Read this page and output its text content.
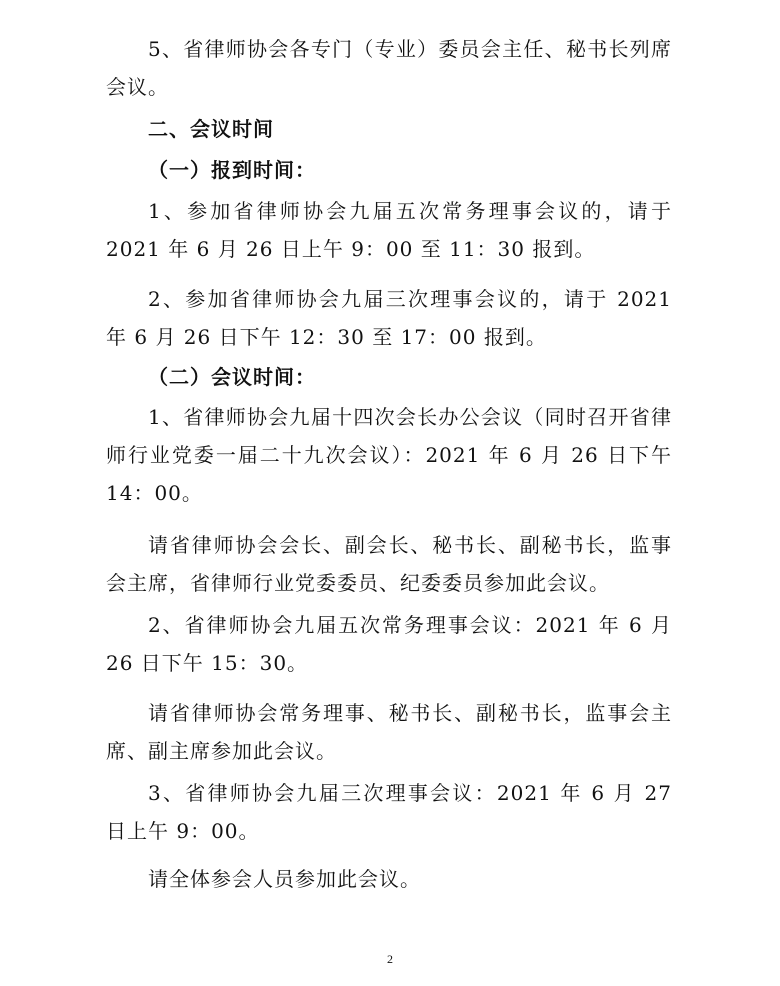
5、省律师协会各专门（专业）委员会主任、秘书长列席会议。

二、会议时间

（一）报到时间：

1、参加省律师协会九届五次常务理事会议的，请于 2021 年 6 月 26 日上午 9：00 至 11：30 报到。

2、参加省律师协会九届三次理事会议的，请于 2021 年 6 月 26 日下午 12：30 至 17：00 报到。

（二）会议时间：

1、省律师协会九届十四次会长办公会议（同时召开省律师行业党委一届二十九次会议）：2021 年 6 月 26 日下午 14：00。

请省律师协会会长、副会长、秘书长、副秘书长，监事会主席，省律师行业党委委员、纪委委员参加此会议。

2、省律师协会九届五次常务理事会议：2021 年 6 月 26 日下午 15：30。

请省律师协会常务理事、秘书长、副秘书长，监事会主席、副主席参加此会议。

3、省律师协会九届三次理事会议：2021 年 6 月 27 日上午 9：00。

请全体参会人员参加此会议。

2
